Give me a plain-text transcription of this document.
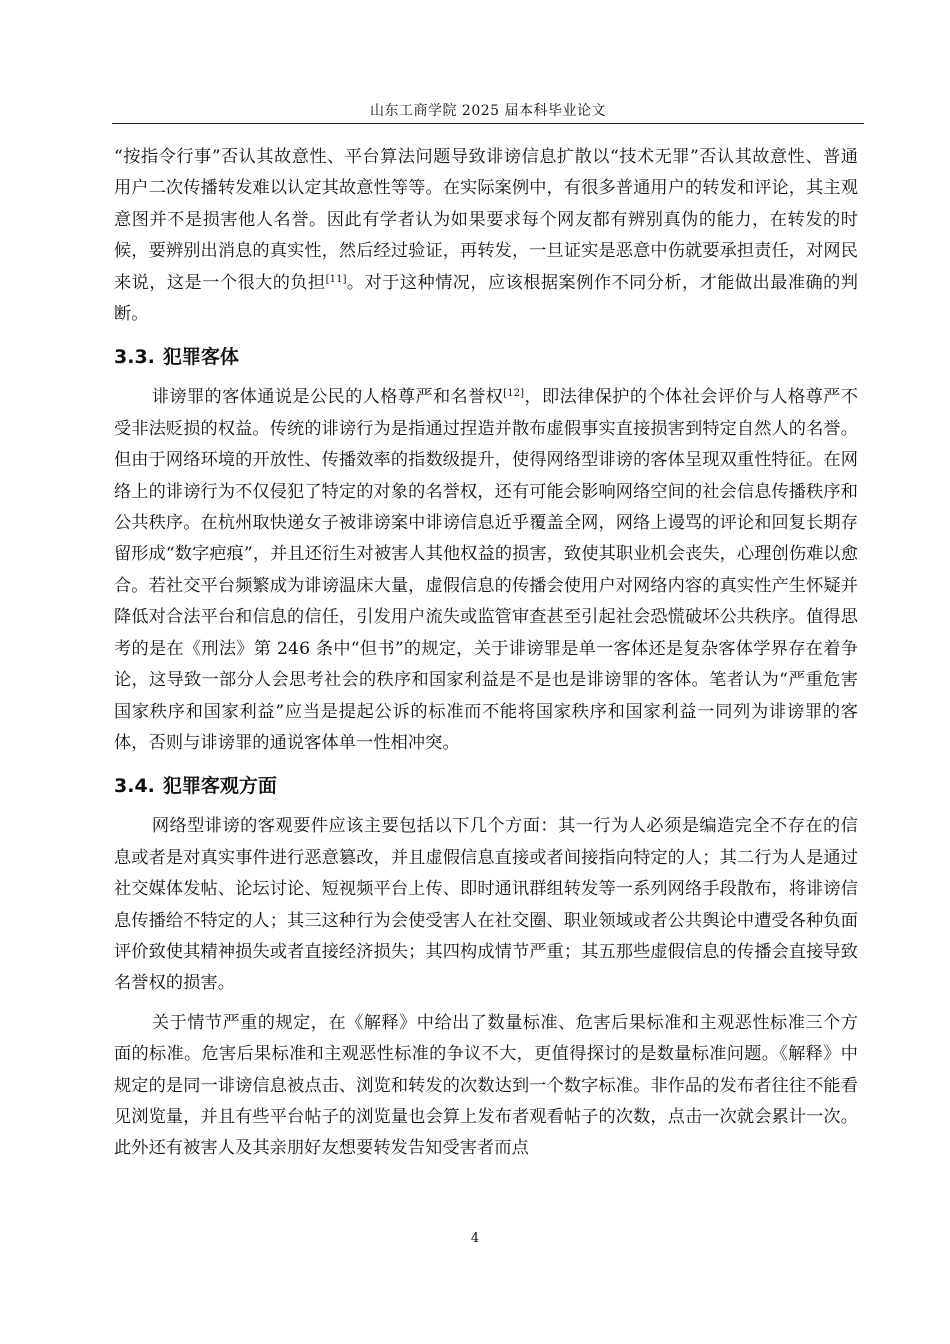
山东工商学院 2025 届本科毕业论文

“按指令行事”否认其故意性、平台算法问题导致诽谤信息扩散以“技术无罪”否认其故意性、普通用户二次传播转发难以认定其故意性等等。在实际案例中，有很多普通用户的转发和评论，其主观意图并不是损害他人名誉。因此有学者认为如果要求每个网友都有辨别真伪的能力，在转发的时候，要辨别出消息的真实性，然后经过验证，再转发，一旦证实是恶意中伤就要承担责任，对网民来说，这是一个很大的负担[11]。对于这种情况，应该根据案例作不同分析，才能做出最准确的判断。

3.3. 犯罪客体

诽谤罪的客体通说是公民的人格尊严和名誉权[12]，即法律保护的个体社会评价与人格尊严不受非法贬损的权益。传统的诽谤行为是指通过捏造并散布虚假事实直接损害到特定自然人的名誉。但由于网络环境的开放性、传播效率的指数级提升，使得网络型诽谤的客体呈现双重性特征。在网络上的诽谤行为不仅侵犯了特定的对象的名誉权，还有可能会影响网络空间的社会信息传播秩序和公共秩序。在杭州取快递女子被诽谤案中诽谤信息近乎覆盖全网，网络上谩骂的评论和回复长期存留形成“数字疤痕”，并且还衍生对被害人其他权益的损害，致使其职业机会丧失，心理创伤难以愈合。若社交平台频繁成为诽谤温床大量，虚假信息的传播会使用户对网络内容的真实性产生怀疑并降低对合法平台和信息的信任，引发用户流失或监管审查甚至引起社会恐慌破坏公共秩序。值得思考的是在《刑法》第 246 条中“但书”的规定，关于诽谤罪是单一客体还是复杂客体学界存在着争论，这导致一部分人会思考社会的秩序和国家利益是不是也是诽谤罪的客体。笔者认为“严重危害国家秩序和国家利益”应当是提起公诉的标准而不能将国家秩序和国家利益一同列为诽谤罪的客体，否则与诽谤罪的通说客体单一性相冲突。

3.4. 犯罪客观方面

网络型诽谤的客观要件应该主要包括以下几个方面：其一行为人必须是编造完全不存在的信息或者是对真实事件进行恶意篡改，并且虚假信息直接或者间接指向特定的人；其二行为人是通过社交媒体发帖、论坛讨论、短视频平台上传、即时通讯群组转发等一系列网络手段散布，将诽谤信息传播给不特定的人；其三这种行为会使受害人在社交圈、职业领域或者公共舆论中遭受各种负面评价致使其精神损失或者直接经济损失；其四构成情节严重；其五那些虚假信息的传播会直接导致名誉权的损害。

关于情节严重的规定，在《解释》中给出了数量标准、危害后果标准和主观恶性标准三个方面的标准。危害后果标准和主观恶性标准的争议不大，更值得探讨的是数量标准问题。《解释》中规定的是同一诽谤信息被点击、浏览和转发的次数达到一个数字标准。非作品的发布者往往不能看见浏览量，并且有些平台帖子的浏览量也会算上发布者观看帖子的次数，点击一次就会累计一次。此外还有被害人及其亲朋好友想要转发告知受害者而点

4
